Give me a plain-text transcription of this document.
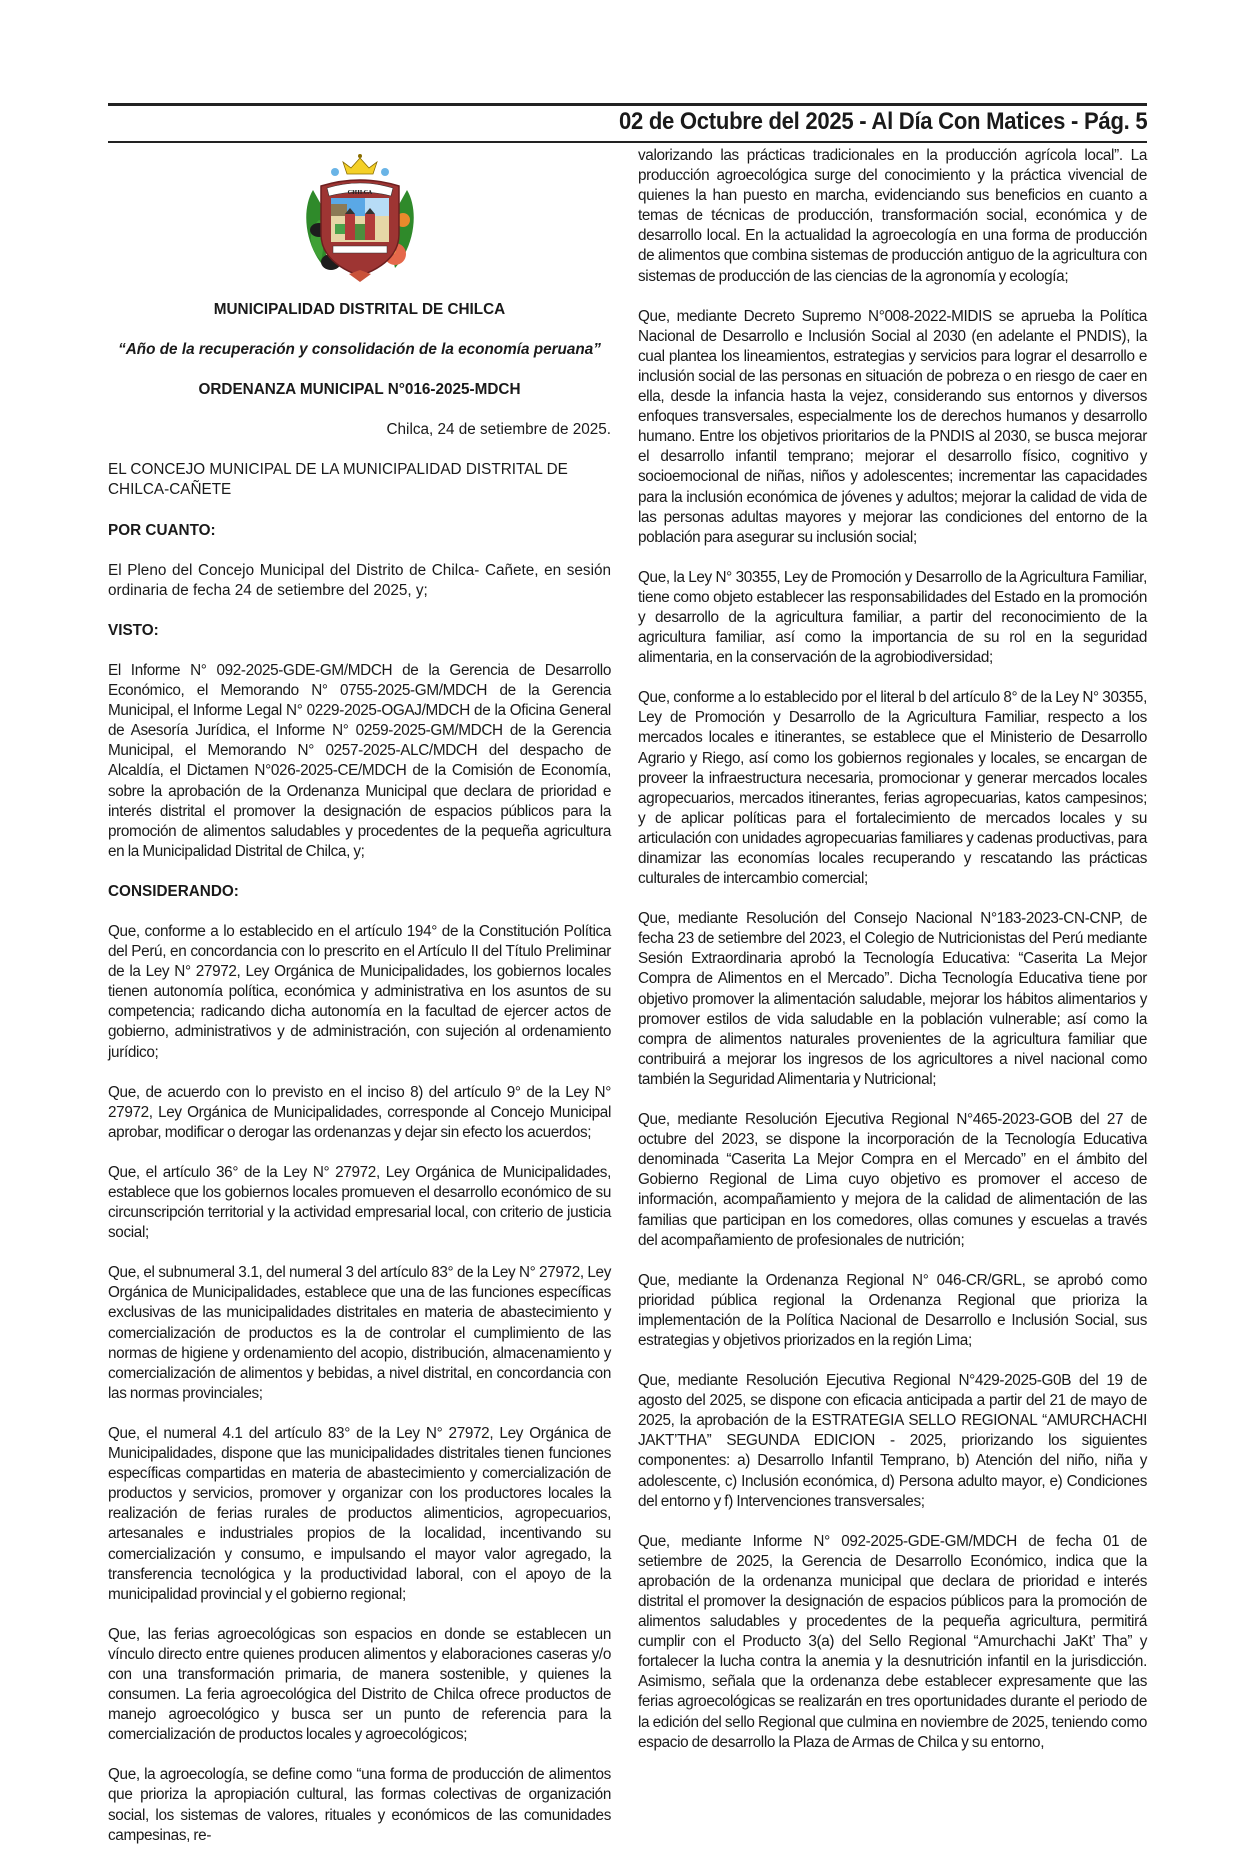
02 de Octubre del 2025 - Al Día Con Matices - Pág. 5
CHILCA

MUNICIPALIDAD DISTRITAL DE CHILCA

“Año de la recuperación y consolidación de la economía peruana”

ORDENANZA MUNICIPAL N°016-2025-MDCH

Chilca, 24 de setiembre de 2025.

EL CONCEJO MUNICIPAL DE LA MUNICIPALIDAD DISTRITAL DE CHILCA-CAÑETE

POR CUANTO:

El Pleno del Concejo Municipal del Distrito de Chilca- Cañete, en sesión ordinaria de fecha 24 de setiembre del 2025, y;

VISTO:

El Informe N° 092-2025-GDE-GM/MDCH de la Gerencia de Desarrollo Económico, el Memorando N° 0755-2025-GM/MDCH de la Gerencia Municipal, el Informe Legal N° 0229-2025-OGAJ/MDCH de la Oficina General de Asesoría Jurídica, el Informe N° 0259-2025-GM/MDCH de la Gerencia Municipal, el Memorando N° 0257-2025-ALC/MDCH del despacho de Alcaldía, el Dictamen N°026-2025-CE/MDCH de la Comisión de Economía, sobre la aprobación de la Ordenanza Municipal que declara de prioridad e interés distrital el promover la designación de espacios públicos para la promoción de alimentos saludables y procedentes de la pequeña agricultura en la Municipalidad Distrital de Chilca, y;

CONSIDERANDO:

Que, conforme a lo establecido en el artículo 194° de la Constitución Política del Perú, en concordancia con lo prescrito en el Artículo II del Título Preliminar de la Ley N° 27972, Ley Orgánica de Municipalidades, los gobiernos locales tienen autonomía política, económica y administrativa en los asuntos de su competencia; radicando dicha autonomía en la facultad de ejercer actos de gobierno, administrativos y de administración, con sujeción al ordenamiento jurídico;

Que, de acuerdo con lo previsto en el inciso 8) del artículo 9° de la Ley N° 27972, Ley Orgánica de Municipalidades, corresponde al Concejo Municipal aprobar, modificar o derogar las ordenanzas y dejar sin efecto los acuerdos;

Que, el artículo 36° de la Ley N° 27972, Ley Orgánica de Municipalidades, establece que los gobiernos locales promueven el desarrollo económico de su circunscripción territorial y la actividad empresarial local, con criterio de justicia social;

Que, el subnumeral 3.1, del numeral 3 del artículo 83° de la Ley N° 27972, Ley Orgánica de Municipalidades, establece que una de las funciones específicas exclusivas de las municipalidades distritales en materia de abastecimiento y comercialización de productos es la de controlar el cumplimiento de las normas de higiene y ordenamiento del acopio, distribución, almacenamiento y comercialización de alimentos y bebidas, a nivel distrital, en concordancia con las normas provinciales;

Que, el numeral 4.1 del artículo 83° de la Ley N° 27972, Ley Orgánica de Municipalidades, dispone que las municipalidades distritales tienen funciones específicas compartidas en materia de abastecimiento y comercialización de productos y servicios, promover y organizar con los productores locales la realización de ferias rurales de productos alimenticios, agropecuarios, artesanales e industriales propios de la localidad, incentivando su comercialización y consumo, e impulsando el mayor valor agregado, la transferencia tecnológica y la productividad laboral, con el apoyo de la municipalidad provincial y el gobierno regional;

Que, las ferias agroecológicas son espacios en donde se establecen un vínculo directo entre quienes producen alimentos y elaboraciones caseras y/o con una transformación primaria, de manera sostenible, y quienes la consumen. La feria agroecológica del Distrito de Chilca ofrece productos de manejo agroecológico y busca ser un punto de referencia para la comercialización de productos locales y agroecológicos;

Que, la agroecología, se define como “una forma de producción de alimentos que prioriza la apropiación cultural, las formas colectivas de organización social, los sistemas de valores, rituales y económicos de las comunidades campesinas, re-

valorizando las prácticas tradicionales en la producción agrícola local”. La producción agroecológica surge del conocimiento y la práctica vivencial de quienes la han puesto en marcha, evidenciando sus beneficios en cuanto a temas de técnicas de producción, transformación social, económica y de desarrollo local. En la actualidad la agroecología en una forma de producción de alimentos que combina sistemas de producción antiguo de la agricultura con sistemas de producción de las ciencias de la agronomía y ecología;

Que, mediante Decreto Supremo N°008-2022-MIDIS se aprueba la Política Nacional de Desarrollo e Inclusión Social al 2030 (en adelante el PNDIS), la cual plantea los lineamientos, estrategias y servicios para lograr el desarrollo e inclusión social de las personas en situación de pobreza o en riesgo de caer en ella, desde la infancia hasta la vejez, considerando sus entornos y diversos enfoques transversales, especialmente los de derechos humanos y desarrollo humano. Entre los objetivos prioritarios de la PNDIS al 2030, se busca mejorar el desarrollo infantil temprano; mejorar el desarrollo físico, cognitivo y socioemocional de niñas, niños y adolescentes; incrementar las capacidades para la inclusión económica de jóvenes y adultos; mejorar la calidad de vida de las personas adultas mayores y mejorar las condiciones del entorno de la población para asegurar su inclusión social;

Que, la Ley N° 30355, Ley de Promoción y Desarrollo de la Agricultura Familiar, tiene como objeto establecer las responsabilidades del Estado en la promoción y desarrollo de la agricultura familiar, a partir del reconocimiento de la agricultura familiar, así como la importancia de su rol en la seguridad alimentaria, en la conservación de la agrobiodiversidad;

Que, conforme a lo establecido por el literal b del artículo 8° de la Ley N° 30355, Ley de Promoción y Desarrollo de la Agricultura Familiar, respecto a los mercados locales e itinerantes, se establece que el Ministerio de Desarrollo Agrario y Riego, así como los gobiernos regionales y locales, se encargan de proveer la infraestructura necesaria, promocionar y generar mercados locales agropecuarios, mercados itinerantes, ferias agropecuarias, katos campesinos; y de aplicar políticas para el fortalecimiento de mercados locales y su articulación con unidades agropecuarias familiares y cadenas productivas, para dinamizar las economías locales recuperando y rescatando las prácticas culturales de intercambio comercial;

Que, mediante Resolución del Consejo Nacional N°183-2023-CN-CNP, de fecha 23 de setiembre del 2023, el Colegio de Nutricionistas del Perú mediante Sesión Extraordinaria aprobó la Tecnología Educativa: “Caserita La Mejor Compra de Alimentos en el Mercado”. Dicha Tecnología Educativa tiene por objetivo promover la alimentación saludable, mejorar los hábitos alimentarios y promover estilos de vida saludable en la población vulnerable; así como la compra de alimentos naturales provenientes de la agricultura familiar que contribuirá a mejorar los ingresos de los agricultores a nivel nacional como también la Seguridad Alimentaria y Nutricional;

Que, mediante Resolución Ejecutiva Regional N°465-2023-GOB del 27 de octubre del 2023, se dispone la incorporación de la Tecnología Educativa denominada “Caserita La Mejor Compra en el Mercado” en el ámbito del Gobierno Regional de Lima cuyo objetivo es promover el acceso de información, acompañamiento y mejora de la calidad de alimentación de las familias que participan en los comedores, ollas comunes y escuelas a través del acompañamiento de profesionales de nutrición;

Que, mediante la Ordenanza Regional N° 046-CR/GRL, se aprobó como prioridad pública regional la Ordenanza Regional que prioriza la implementación de la Política Nacional de Desarrollo e Inclusión Social, sus estrategias y objetivos priorizados en la región Lima;

Que, mediante Resolución Ejecutiva Regional N°429-2025-G0B del 19 de agosto del 2025, se dispone con eficacia anticipada a partir del 21 de mayo de 2025, la aprobación de la ESTRATEGIA SELLO REGIONAL “AMURCHACHI JAKT’THA” SEGUNDA EDICION - 2025, priorizando los siguientes componentes: a) Desarrollo Infantil Temprano, b) Atención del niño, niña y adolescente, c) Inclusión económica, d) Persona adulto mayor, e) Condiciones del entorno y f) Intervenciones transversales;

Que, mediante Informe N° 092-2025-GDE-GM/MDCH de fecha 01 de setiembre de 2025, la Gerencia de Desarrollo Económico, indica que la aprobación de la ordenanza municipal que declara de prioridad e interés distrital el promover la designación de espacios públicos para la promoción de alimentos saludables y procedentes de la pequeña agricultura, permitirá cumplir con el Producto 3(a) del Sello Regional “Amurchachi JaKt’ Tha” y fortalecer la lucha contra la anemia y la desnutrición infantil en la jurisdicción. Asimismo, señala que la ordenanza debe establecer expresamente que las ferias agroecológicas se realizarán en tres oportunidades durante el periodo de la edición del sello Regional que culmina en noviembre de 2025, teniendo como espacio de desarrollo la Plaza de Armas de Chilca y su entorno,
